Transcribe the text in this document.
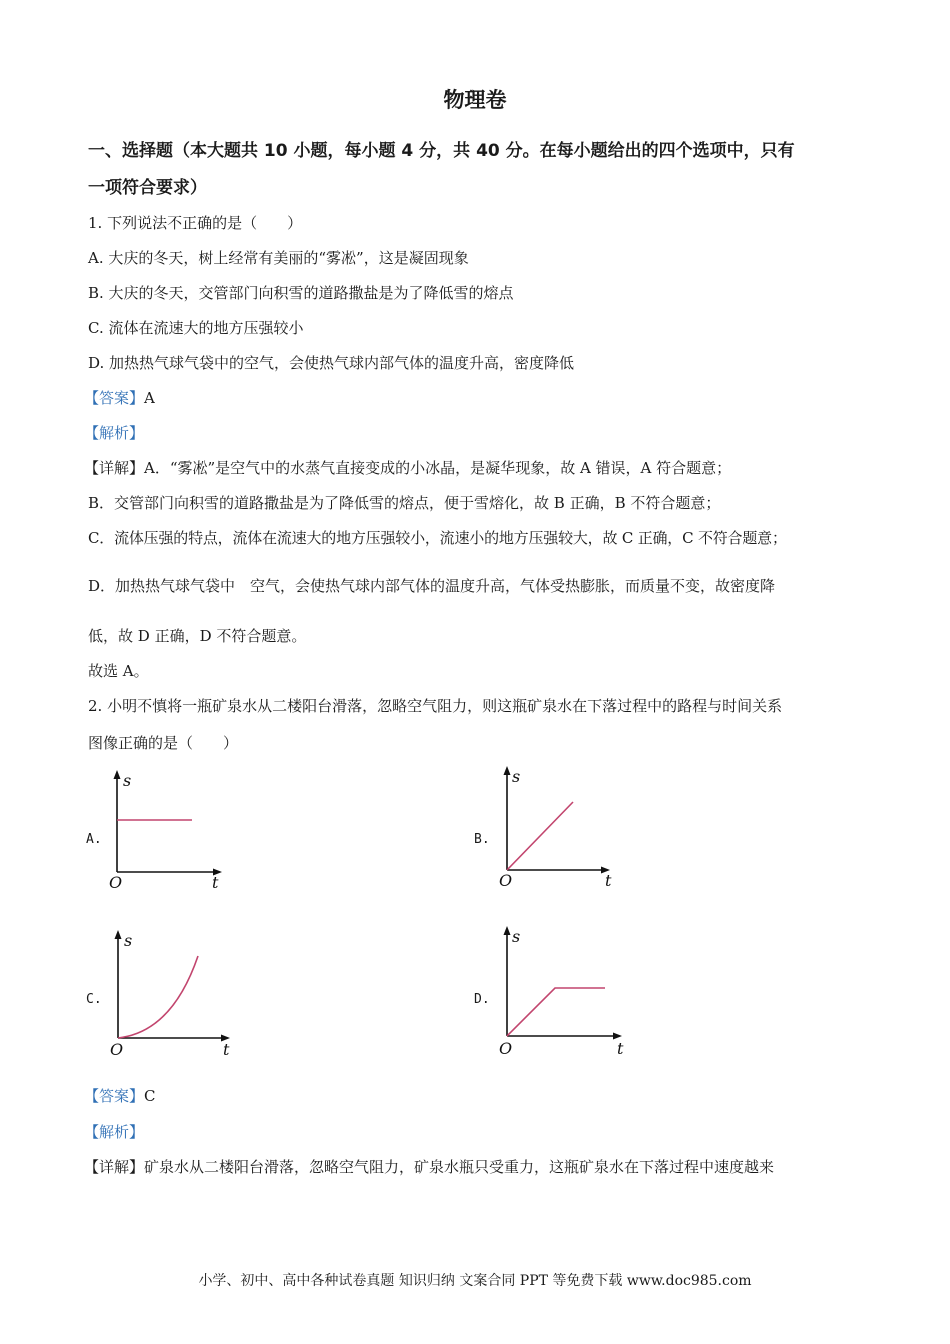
物理卷
一、选择题（本大题共 10 小题，每小题 4 分，共 40 分。在每小题给出的四个选项中，只有
一项符合要求）
1. 下列说法不正确的是（　　）
A. 大庆的冬天，树上经常有美丽的“雾凇”，这是凝固现象
B. 大庆的冬天，交管部门向积雪的道路撒盐是为了降低雪的熔点
C. 流体在流速大的地方压强较小
D. 加热热气球气袋中的空气，会使热气球内部气体的温度升高，密度降低
【答案】A
【解析】
【详解】A．“雾凇”是空气中的水蒸气直接变成的小冰晶，是凝华现象，故 A 错误，A 符合题意；
B．交管部门向积雪的道路撒盐是为了降低雪的熔点，便于雪熔化，故 B 正确，B 不符合题意；
C．流体压强的特点，流体在流速大的地方压强较小，流速小的地方压强较大，故 C 正确，C 不符合题意；
D．加热热气球气袋中　空气，会使热气球内部气体的温度升高，气体受热膨胀，而质量不变，故密度降
低，故 D 正确，D 不符合题意。
故选 A。
2. 小明不慎将一瓶矿泉水从二楼阳台滑落，忽略空气阻力，则这瓶矿泉水在下落过程中的路程与时间关系
图像正确的是（　　）
A.
s
t
O
B.
s
t
O
C.
s
t
O
D.
s
t
O
【答案】C
【解析】
【详解】矿泉水从二楼阳台滑落，忽略空气阻力，矿泉水瓶只受重力，这瓶矿泉水在下落过程中速度越来
小学、初中、高中各种试卷真题 知识归纳 文案合同 PPT 等免费下载 www.doc985.com
